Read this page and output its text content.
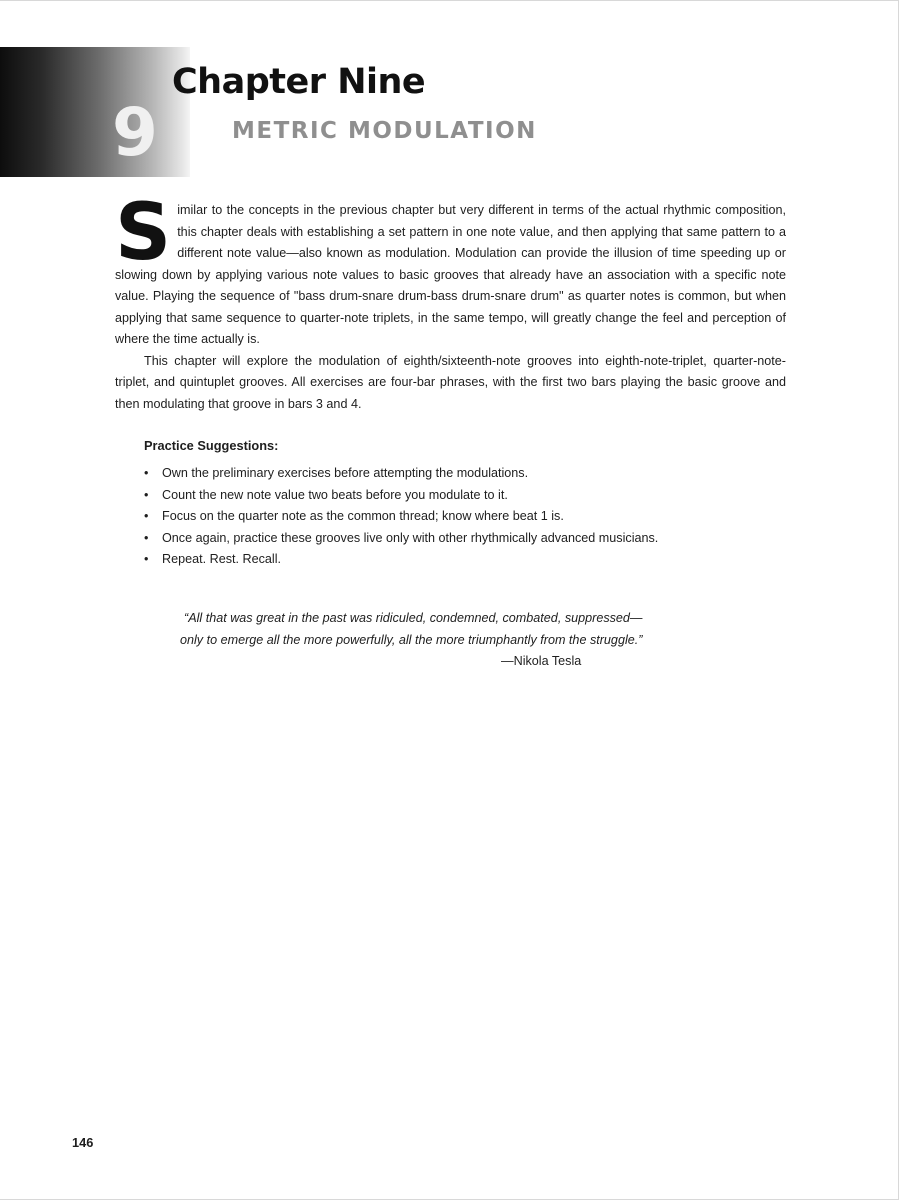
9
Chapter Nine
METRIC MODULATION

S imilar to the concepts in the previous chapter but very different in terms of the actual rhythmic composition, this chapter deals with establishing a set pattern in one note value, and then applying that same pattern to a different note value—also known as modulation. Modulation can provide the illusion of time speeding up or slowing down by applying various note values to basic grooves that already have an association with a specific note value. Playing the sequence of "bass drum-snare drum-bass drum-snare drum" as quarter notes is common, but when applying that same sequence to quarter-note triplets, in the same tempo, will greatly change the feel and perception of where the time actually is.

This chapter will explore the modulation of eighth/sixteenth-note grooves into eighth-note-triplet, quarter-note-triplet, and quintuplet grooves. All exercises are four-bar phrases, with the first two bars playing the basic groove and then modulating that groove in bars 3 and 4.

Practice Suggestions:

•	Own the preliminary exercises before attempting the modulations.
•	Count the new note value two beats before you modulate to it.
•	Focus on the quarter note as the common thread; know where beat 1 is.
•	Once again, practice these grooves live only with other rhythmically advanced musicians.
•	Repeat. Rest. Recall.

“All that was great in the past was ridiculed, condemned, combated, suppressed—

only to emerge all the more powerfully, all the more triumphantly from the struggle.”

—Nikola Tesla

146
